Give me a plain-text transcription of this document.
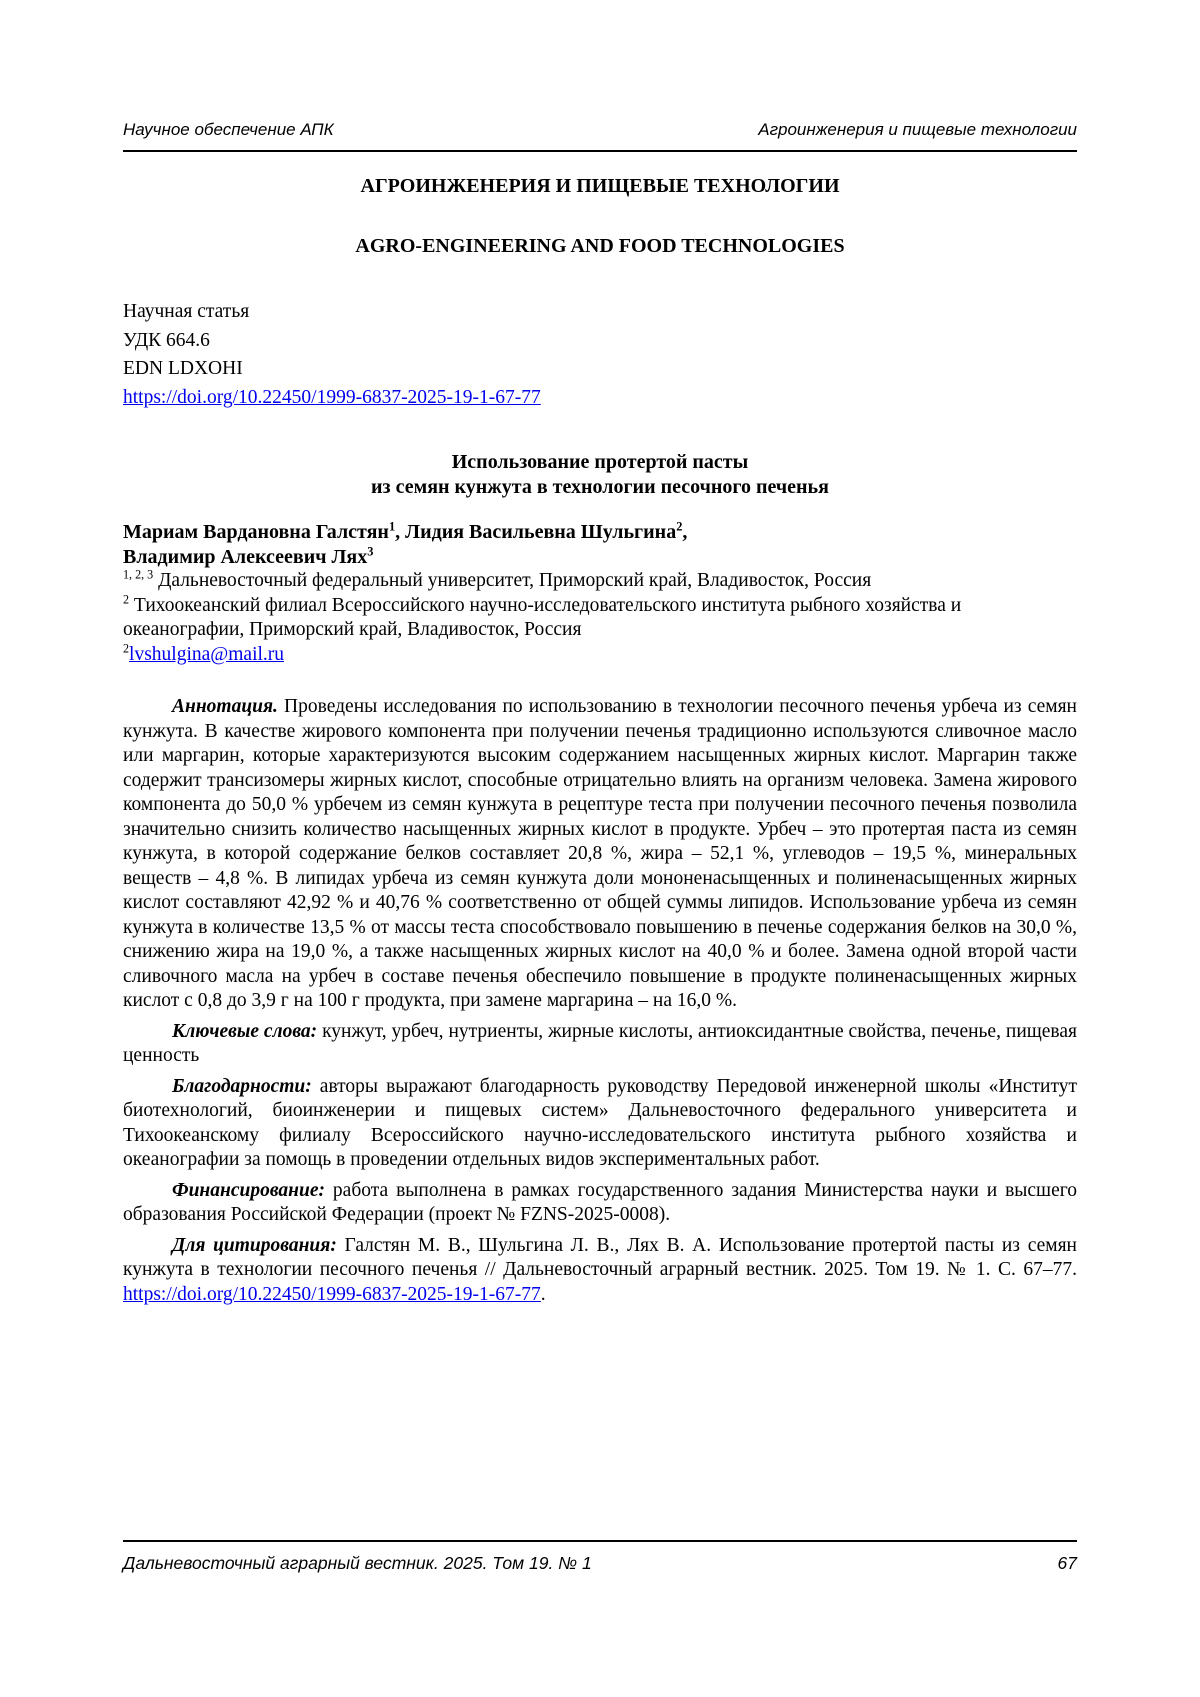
Научное обеспечение АПК	Агроинженерия и пищевые технологии
АГРОИНЖЕНЕРИЯ И ПИЩЕВЫЕ ТЕХНОЛОГИИ
AGRO-ENGINEERING AND FOOD TECHNOLOGIES
Научная статья
УДК 664.6
EDN LDXOHI
https://doi.org/10.22450/1999-6837-2025-19-1-67-77
Использование протертой пасты
из семян кунжута в технологии песочного печенья
Мариам Вардановна Галстян$^1$, Лидия Васильевна Шульгина$^2$,
Владимир Алексеевич Лях$^3$
$^{1, 2, 3}$ Дальневосточный федеральный университет, Приморский край, Владивосток, Россия
$^2$ Тихоокеанский филиал Всероссийского научно-исследовательского института рыбного хозяйства и океанографии, Приморский край, Владивосток, Россия
$^2$lvshulgina@mail.ru

Аннотация. Проведены исследования по использованию в технологии песочного печенья урбеча из семян кунжута. В качестве жирового компонента при получении печенья традиционно используются сливочное масло или маргарин, которые характеризуются высоким содержанием насыщенных жирных кислот. Маргарин также содержит трансизомеры жирных кислот, способные отрицательно влиять на организм человека. Замена жирового компонента до 50,0 % урбечем из семян кунжута в рецептуре теста при получении песочного печенья позволила значительно снизить количество насыщенных жирных кислот в продукте. Урбеч – это протертая паста из семян кунжута, в которой содержание белков составляет 20,8 %, жира – 52,1 %, углеводов – 19,5 %, минеральных веществ – 4,8 %. В липидах урбеча из семян кунжута доли мононенасыщенных и полиненасыщенных жирных кислот составляют 42,92 % и 40,76 % соответственно от общей суммы липидов. Использование урбеча из семян кунжута в количестве 13,5 % от массы теста способствовало повышению в печенье содержания белков на 30,0 %, снижению жира на 19,0 %, а также насыщенных жирных кислот на 40,0 % и более. Замена одной второй части сливочного масла на урбеч в составе печенья обеспечило повышение в продукте полиненасыщенных жирных кислот с 0,8 до 3,9 г на 100 г продукта, при замене маргарина – на 16,0 %.

Ключевые слова: кунжут, урбеч, нутриенты, жирные кислоты, антиоксидантные свойства, печенье, пищевая ценность

Благодарности: авторы выражают благодарность руководству Передовой инженерной школы «Институт биотехнологий, биоинженерии и пищевых систем» Дальневосточного федерального университета и Тихоокеанскому филиалу Всероссийского научно-исследовательского института рыбного хозяйства и океанографии за помощь в проведении отдельных видов экспериментальных работ.

Финансирование: работа выполнена в рамках государственного задания Министерства науки и высшего образования Российской Федерации (проект № FZNS-2025-0008).

Для цитирования: Галстян М. В., Шульгина Л. В., Лях В. А. Использование протертой пасты из семян кунжута в технологии песочного печенья // Дальневосточный аграрный вестник. 2025. Том 19. № 1. С. 67–77. https://doi.org/10.22450/1999-6837-2025-19-1-67-77.

Дальневосточный аграрный вестник. 2025. Том 19. № 1	67
